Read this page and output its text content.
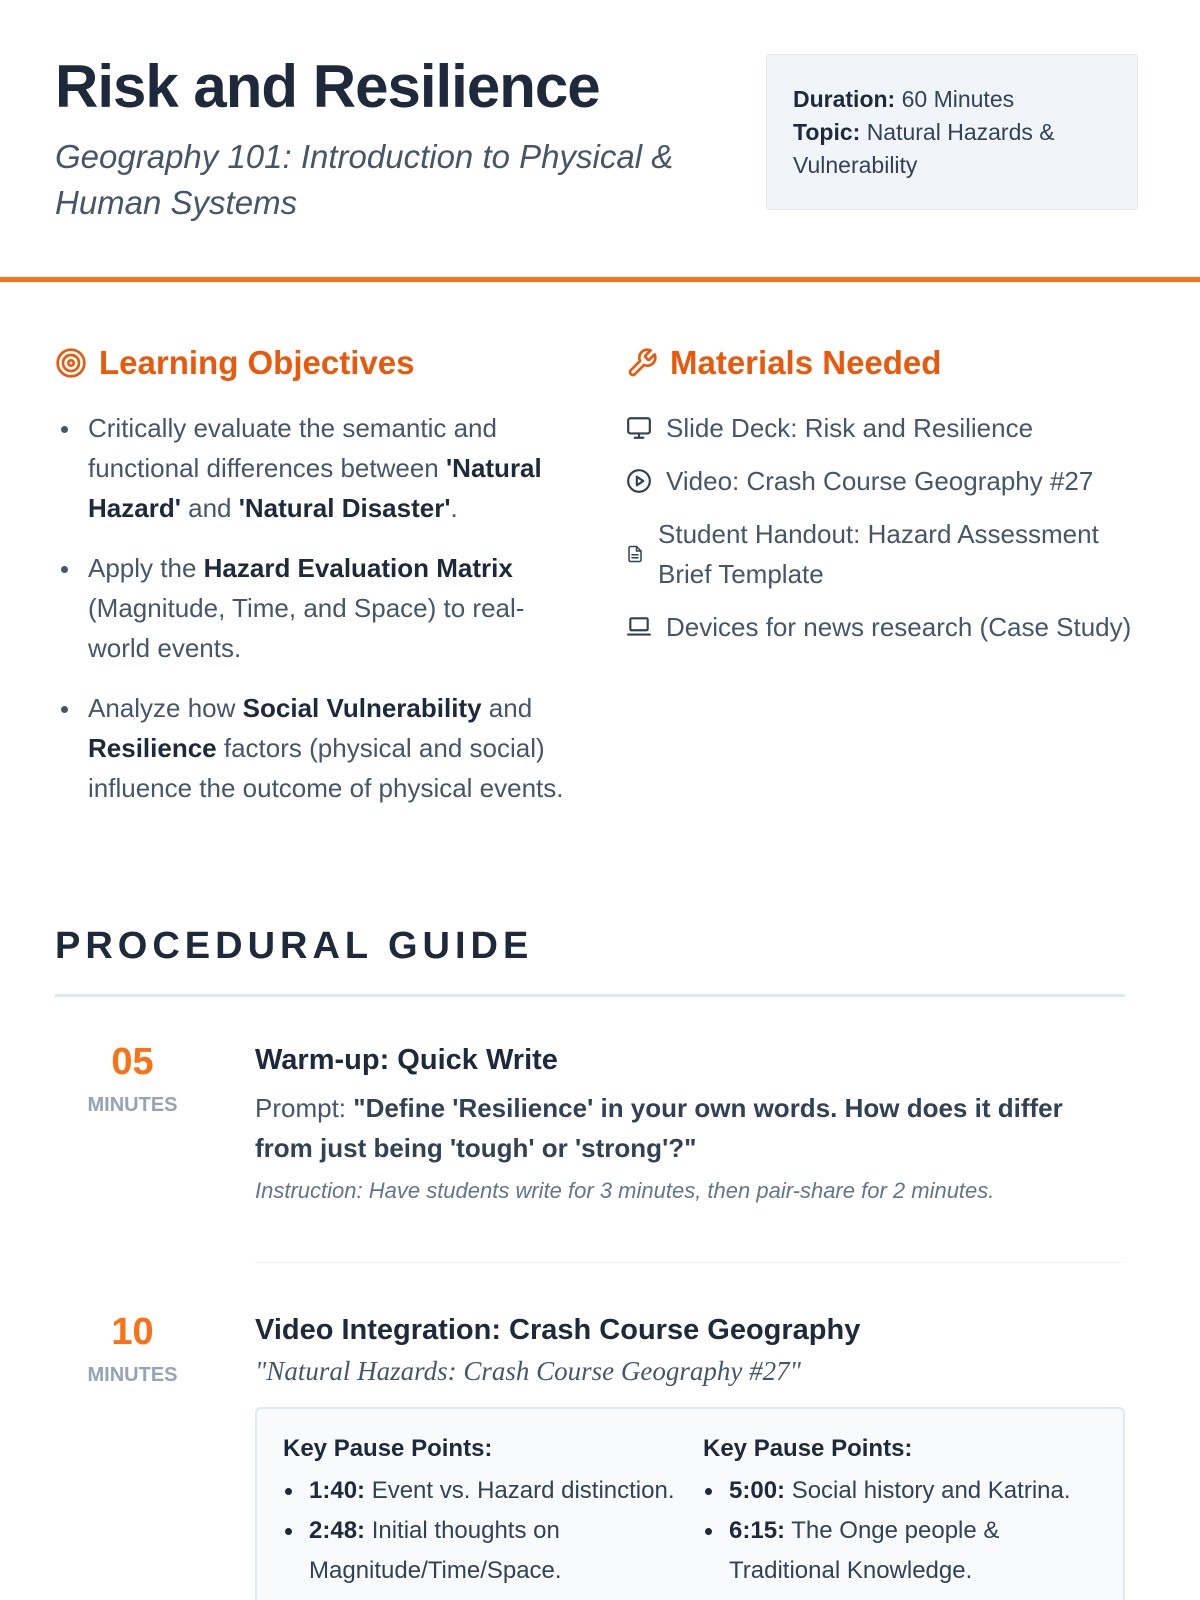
Risk and Resilience
Geography 101: Introduction to Physical & Human Systems
Duration: 60 Minutes
Topic: Natural Hazards & Vulnerability
Learning Objectives
Critically evaluate the semantic and functional differences between 'Natural Hazard' and 'Natural Disaster'.
Apply the Hazard Evaluation Matrix (Magnitude, Time, and Space) to real-world events.
Analyze how Social Vulnerability and Resilience factors (physical and social) influence the outcome of physical events.
Materials Needed
Slide Deck: Risk and Resilience
Video: Crash Course Geography #27
Student Handout: Hazard Assessment Brief Template
Devices for news research (Case Study)
PROCEDURAL GUIDE
05
MINUTES
Warm-up: Quick Write
Prompt: "Define 'Resilience' in your own words. How does it differ from just being 'tough' or 'strong'?"
Instruction: Have students write for 3 minutes, then pair-share for 2 minutes.
10
MINUTES
Video Integration: Crash Course Geography
"Natural Hazards: Crash Course Geography #27"
Key Pause Points:
1:40: Event vs. Hazard distinction.
2:48: Initial thoughts on Magnitude/Time/Space.
Key Pause Points:
5:00: Social history and Katrina.
6:15: The Onge people & Traditional Knowledge.
